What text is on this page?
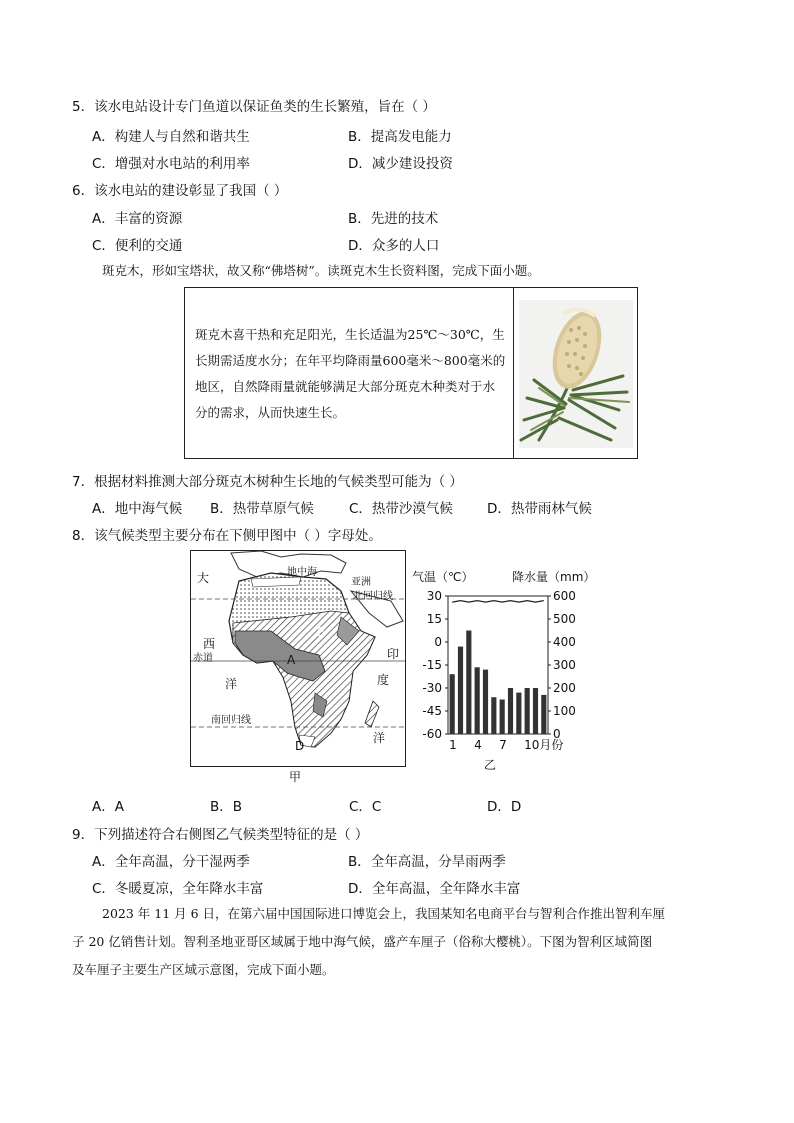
5．该水电站设计专门鱼道以保证鱼类的生长繁殖，旨在（ ）
A．构建人与自然和谐共生	B．提高发电能力
C．增强对水电站的利用率	D．减少建设投资
6．该水电站的建设彰显了我国（ ）
A．丰富的资源	B．先进的技术
C．便利的交通	D．众多的人口
斑克木，形如宝塔状，故又称“佛塔树”。读斑克木生长资料图，完成下面小题。
斑克木喜干热和充足阳光，生长适温为25℃～30℃，生长期需适度水分；在年平均降雨量600毫米～800毫米的地区，自然降雨量就能够满足大部分斑克木种类对于水分的需求，从而快速生长。
7．根据材料推测大部分斑克木树种生长地的气候类型可能为（ ）
A．地中海气候 B．热带草原气候	C．热带沙漠气候	D．热带雨林气候
8．该气候类型主要分布在下侧甲图中（ ）字母处。
大
西
赤道
洋
南回归线
地中海
亚洲
北回归线
印
度
洋
C
B
A
D
甲
气温（℃）	降水量（mm）
30
15
0
-15
-30
-45
-60
600
500
400
300
200
100
0
1 4 7 10月份
乙
A．A	B．B	C．C	D．D
9．下列描述符合右侧图乙气候类型特征的是（ ）
A．全年高温，分干湿两季	B．全年高温，分旱雨两季
C．冬暖夏凉，全年降水丰富	D．全年高温，全年降水丰富
2023 年 11 月 6 日，在第六届中国国际进口博览会上，我国某知名电商平台与智利合作推出智利车厘
子 20 亿销售计划。智利圣地亚哥区域属于地中海气候，盛产车厘子（俗称大樱桃）。下图为智利区域简图
及车厘子主要生产区域示意图，完成下面小题。
